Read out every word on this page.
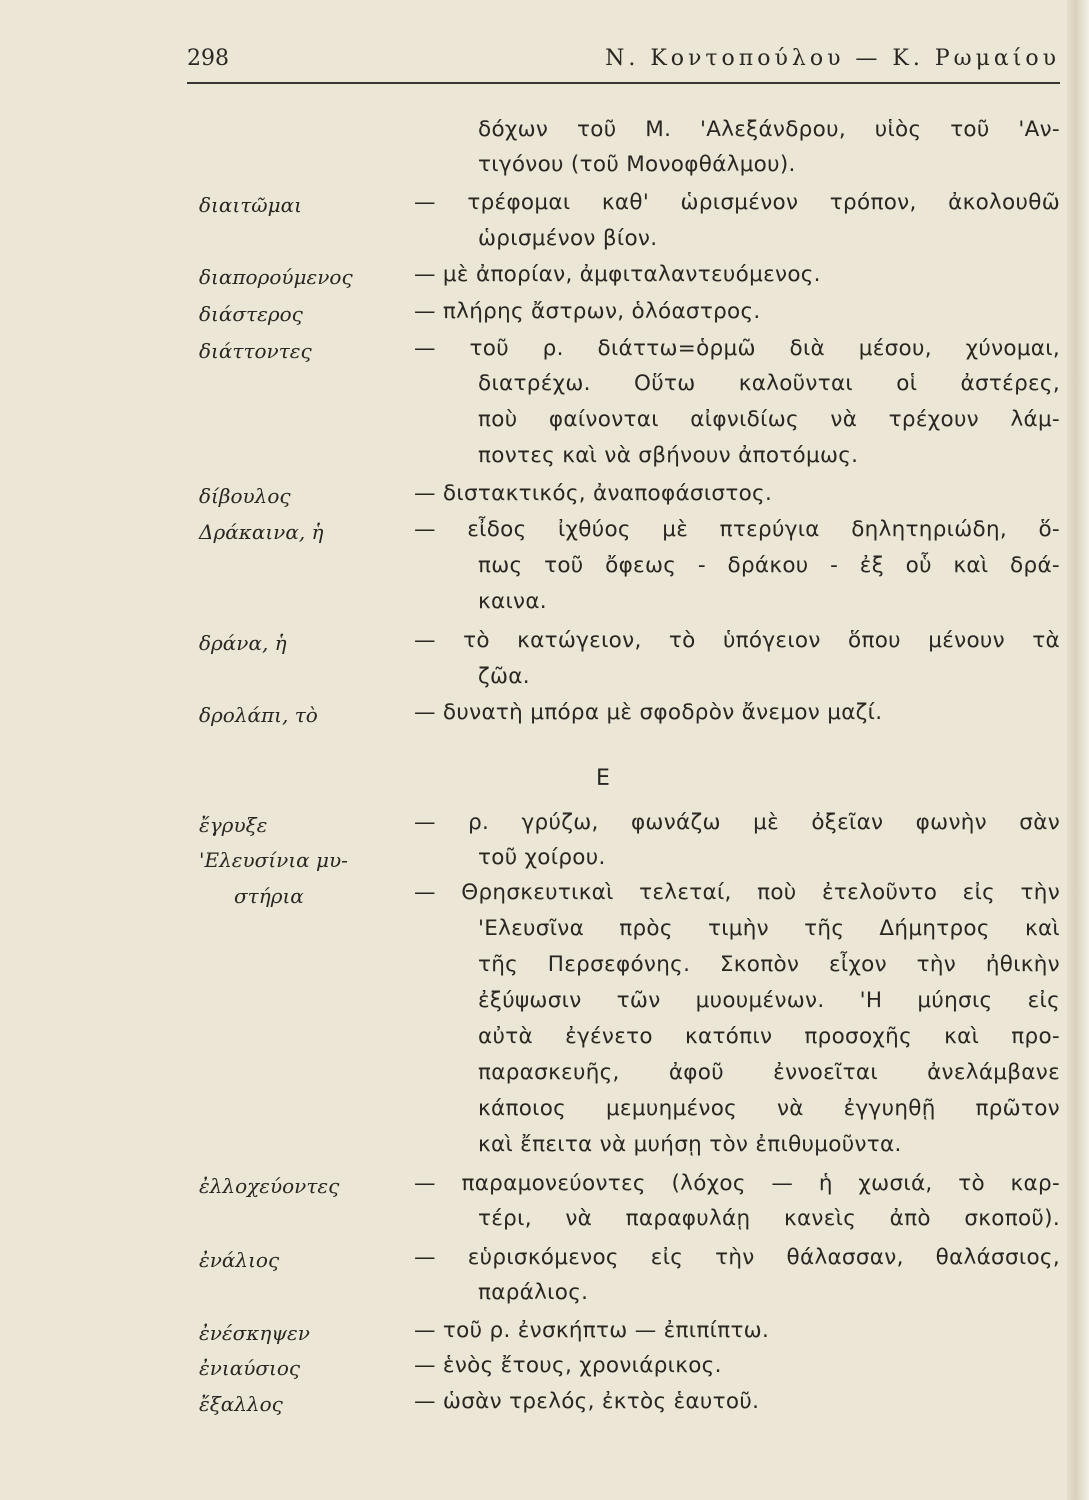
298	Ν. Κοντοπούλου — Κ. Ρωμαίου
δόχων τοῦ Μ. 'Αλεξάνδρου, υἱὸς τοῦ 'Αν-
τιγόνου (τοῦ Μονοφθάλμου).
διαιτῶμαι	— τρέφομαι καθ' ὡρισμένον τρόπον, ἀκολουθῶ
ὡρισμένον βίον.
διαπορούμενος	— μὲ ἀπορίαν, ἀμφιταλαντευόμενος.
διάστερος	— πλήρης ἄστρων, ὁλόαστρος.
διάττοντες	— τοῦ ρ. διάττω=ὁρμῶ διὰ μέσου, χύνομαι,
διατρέχω. Οὕτω καλοῦνται οἱ ἀστέρες,
ποὺ φαίνονται αἰφνιδίως νὰ τρέχουν λάμ-
ποντες καὶ νὰ σβήνουν ἀποτόμως.
δίβουλος	— διστακτικός, ἀναποφάσιστος.
Δράκαινα, ἡ	— εἶδος ἰχθύος μὲ πτερύγια δηλητηριώδη, ὅ-
πως τοῦ ὄφεως - δράκου - ἐξ οὗ καὶ δρά-
καινα.
δράνα, ἡ	— τὸ κατώγειον, τὸ ὑπόγειον ὅπου μένουν τὰ
ζῶα.
δρολάπι, τὸ	— δυνατὴ μπόρα μὲ σφοδρὸν ἄνεμον μαζί.
Ε
ἔγρυξε	— ρ. γρύζω, φωνάζω μὲ ὀξεῖαν φωνὴν σὰν
τοῦ χοίρου.
'Ελευσίνια μυ-
στήρια	— Θρησκευτικαὶ τελεταί, ποὺ ἐτελοῦντο εἰς τὴν
'Ελευσῖνα πρὸς τιμὴν τῆς Δήμητρος καὶ
τῆς Περσεφόνης. Σκοπὸν εἶχον τὴν ἠθικὴν
ἐξύψωσιν τῶν μυουμένων. 'Η μύησις εἰς
αὐτὰ ἐγένετο κατόπιν προσοχῆς καὶ προ-
παρασκευῆς, ἀφοῦ ἐννοεῖται ἀνελάμβανε
κάποιος μεμυημένος νὰ ἐγγυηθῇ πρῶτον
καὶ ἔπειτα νὰ μυήσῃ τὸν ἐπιθυμοῦντα.
ἐλλοχεύοντες	— παραμονεύοντες (λόχος — ἡ χωσιά, τὸ καρ-
τέρι, νὰ παραφυλάῃ κανεὶς ἀπὸ σκοποῦ).
ἐνάλιος	— εὑρισκόμενος εἰς τὴν θάλασσαν, θαλάσσιος,
παράλιος.
ἐνέσκηψεν	— τοῦ ρ. ἐνσκήπτω — ἐπιπίπτω.
ἐνιαύσιος	— ἑνὸς ἔτους, χρονιάρικος.
ἔξαλλος	— ὡσὰν τρελός, ἐκτὸς ἑαυτοῦ.
